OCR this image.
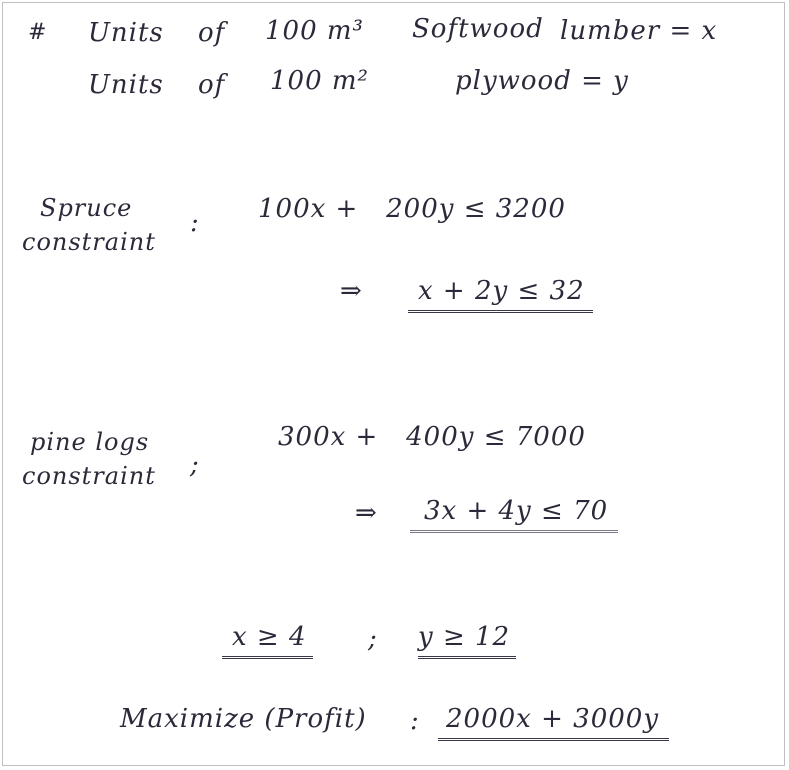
# Units of 100 m³ Softwood lumber = x
Units of 100 m²	plywood = y
Spruce
constraint
: 100x +   200y ≤ 3200
⇒	x + 2y ≤ 32
pine logs
constraint ;
300x +   400y ≤ 7000
⇒	3x + 4y ≤ 70
x ≥ 4 ; y ≥ 12
Maximize (Profit) :	2000x + 3000y
